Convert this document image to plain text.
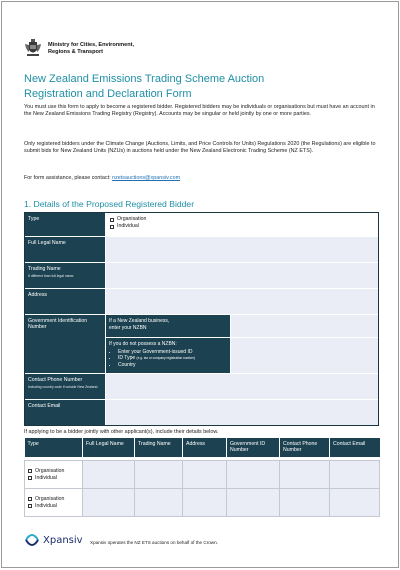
Ministry for Cities, Environment,
Regions & Transport
New Zealand Emissions Trading Scheme Auction
Registration and Declaration Form
You must use this form to apply to become a registered bidder. Registered bidders may be individuals or organisations but must have an account in the New Zealand Emissions Trading Registry (Registry). Accounts may be singular or held jointly by one or more parties.
Only registered bidders under the Climate Change (Auctions, Limits, and Price Controls for Units) Regulations 2020 (the Regulations) are eligible to submit bids for New Zealand Units (NZUs) in auctions held under the New Zealand Electronic Trading Scheme (NZ ETS).
For form assistance, please contact: nzetsauctions@xpansiv.com
1. Details of the Proposed Registered Bidder
Type	Organisation
Individual
Full Legal Name
Trading Name
If different than full legal name.
Address
Government Identification Number
If a New Zealand business,
enter your NZBN
If you do not possess a NZBN:
• Enter your Government-issued ID
• ID Type (e.g. tax or company registration number)
• Country
Contact Phone Number
Including country code if outside New Zealand.
Contact Email
If applying to be a bidder jointly with other applicant(s), include their details below.
Type	Full Legal Name	Trading Name	Address	Government ID Number	Contact Phone Number	Contact Email

Organisation
Individual						

Organisation
Individual						

Xpansiv Xpansiv operates the NZ ETS auctions on behalf of the Crown.
